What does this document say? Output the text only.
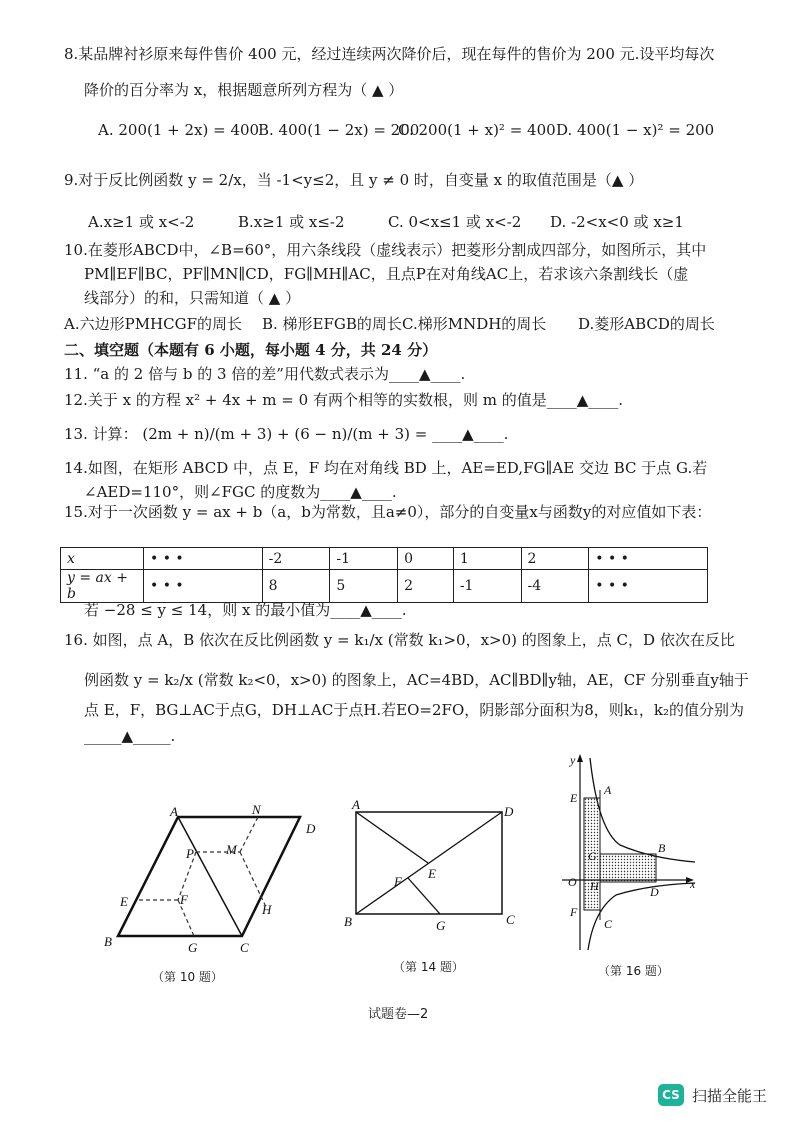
8.某品牌衬衫原来每件售价 400 元，经过连续两次降价后，现在每件的售价为 200 元.设平均每次
降价的百分率为 x，根据题意所列方程为（ ▲ ）
A. 200(1 + 2x) = 400
B. 400(1 − 2x) = 200
C. 200(1 + x)² = 400 D. 400(1 − x)² = 200
9.对于反比例函数 y = 2/x，当 -1<y≤2，且 y ≠ 0 时，自变量 x 的取值范围是（▲ ）
A.x≥1 或 x<-2	B.x≥1 或 x≤-2	C. 0<x≤1 或 x<-2 D. -2<x<0 或 x≥1
10.在菱形ABCD中，∠B=60°，用六条线段（虚线表示）把菱形分割成四部分，如图所示，其中
PM∥EF∥BC，PF∥MN∥CD，FG∥MH∥AC，且点P在对角线AC上，若求该六条割线长（虚
线部分）的和，只需知道（ ▲ ）
A.六边形PMHCGF的周长 B. 梯形EFGB的周长 C.梯形MNDH的周长 D.菱形ABCD的周长
二、填空题（本题有 6 小题，每小题 4 分，共 24 分）
11. “a 的 2 倍与 b 的 3 倍的差”用代数式表示为____▲____.
12.关于 x 的方程 x² + 4x + m = 0 有两个相等的实数根，则 m 的值是____▲____.
13. 计算： (2m + n)/(m + 3) + (6 − n)/(m + 3) = ____▲____.
14.如图，在矩形 ABCD 中，点 E，F 均在对角线 BD 上，AE=ED,FG∥AE 交边 BC 于点 G.若
∠AED=110°，则∠FGC 的度数为____▲____.
15.对于一次函数 y = ax + b（a，b为常数，且a≠0），部分的自变量x与函数y的对应值如下表：
x	• • •	-2	-1	0	1	2	• • •
y = ax + b	• • •	8	5	2	-1	-4	• • •
若 −28 ≤ y ≤ 14，则 x 的最小值为____▲____.
16. 如图，点 A，B 依次在反比例函数 y = k₁/x (常数 k₁>0，x>0) 的图象上，点 C，D 依次在反比
例函数 y = k₂/x (常数 k₂<0，x>0) 的图象上，AC=4BD，AC∥BD∥y轴，AE，CF 分别垂直y轴于
点 E，F，BG⊥AC于点G，DH⊥AC于点H.若EO=2FO，阴影部分面积为8，则k₁，k₂的值分别为
_____▲_____.
A	N
D
P M
E	F
H
B	G	C
（第 10 题）
A	D
F
E
B	G	C
（第 14 题）
y
x
O
A
E
G
B
H	D
F
C
（第 16 题）
试题卷—2
CS 扫描全能王
